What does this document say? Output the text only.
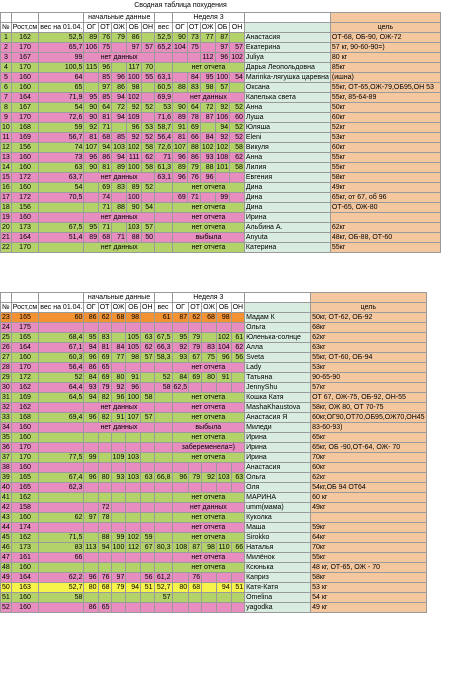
Сводная таблица похудения
			начальные данные						Неделя 3						
№	Рост,см	вес на 01.04.	ОГ	ОТ	ОЖ	ОБ	ОН	вес	ОГ	ОТ	ОЖ	ОБ	ОН		цель
1	162	52,5	89	76	79	86		52,5	90	73	77	87		Анастасия	ОТ-68, ОБ-90, ОЖ-72
2	170	65,7	106	75		97	57	65,2	104	75		97	57	Екатерина	57 кг, 90-60-90=)
3	167	99	нет данных								112	96	102	Juliya	80 кг
4	170	100,5	115	96		117	70		нет отчета					Дарья Леопольдовна	85кг
5	160	64		85	96	100	55	63,1		84	95	100	54	Marinka-лягушка царевна	(ишна)
6	160	65		97	86	98		60,5	88	83	98	57		Оксана	55кг, ОТ-65,ОЖ-79,ОБ95,ОН 53
7	164	71,9	95	85	94	102		69,9	нет данных					Капелька света	55кг, 85-64-89
8	167	54	90	64	72	92	52	53	90	64	72	92	52	Анна	50кг
9	170	72,6	90	81	94	109		71,6	89	78	87	106	60	Луша	60кг
10	168	59	92	71		96	53	58,7	91	69		94	52	Юляша	52кг
11	169	56,7	81	68	85	92	52	56,4	81	66	84	92	52	Eleni	53кг
12	156	74	107	94	103	102	58	72,6	107	88	102	102	58	Викуля	60кг
13	160	73	96	86	94	111	62	71	96	86	93	108	62	Анна	55кг
14	160	63	90	81	89	100	58	61,3	89	79	88	101	58	Лилия	55кг
15	172	63,7	нет данных					63,1	96	76	96			Евгения	58кг
16	160	54		69	83	89	52		нет отчета					Дина	49кг
17	172	70,5		74		100			69	71		99		Дина	65кг, от 67, об 96
18	156			71	88	90	54		нет отчета					Дина	ОТ-65, ОЖ-80
19	160		нет данных						нет отчета					Ирина	
20	173	67,5	95	71		103	57		нет отчета					Альбина А.	62кг
21	164	51,4	89	68	71	88	50		выбыла					Anyuta	48кг, ОБ-88, ОТ-60
22	170		нет данных						нет отчета					Катерина	55кг
			начальные данные						Неделя 3						
№	Рост,см	вес на 01.04.	ОГ	ОТ	ОЖ	ОБ	ОН	вес	ОГ	ОТ	ОЖ	ОБ	ОН		цель
23	165	60	86	62	68	98		61	87	62	68	98		Мадам К	50кг, ОТ-62, ОБ-92
24	175													Ольга	68кг
25	165	68,4	95	83		105	63	67,5	95	79		102	61	Юленька-солнце	62кг
26	164	67,1	94	81	84	105	62	66,3	92	79	83	104	62	Алла	63кг
27	160	60,3	96	69	77	98	57	58,3	93	67	75	96	56	Sveta	55кг, ОТ-60, ОБ-94
28	170	56,4	86	65					нет отчета					Lady	53кг
29	172	52	84	69	80	91		52	84	69	80	91		Татьяна	90-65-90
30	162	64,4	93	79	92	96		58	62,5					JennyShu	57кг
31	169	64,5	94	82	96	100	58		нет отчета					Кошка Катя	ОТ 67, ОЖ-75, ОБ-92, ОН-55
32	162		нет данных						нет отчета					MashaKhaustova	58кг, ОЖ 80, ОТ 70-75
33	168	69,4	96	82	91	107	57		нет отчета					Анастасия Я	60кг,ОГ90,ОТ70,ОБ95,ОЖ70,ОН45
34	160		нет данных						выбыла					Миледи	83-60-93)
35	160								нет отчета					Ирина	65кг
36	170								забеременела=)					Ирина	65кг, ОБ -90,ОТ-64, ОЖ- 70
37	170	77,5	99		109	103			нет отчета					Ирина	70кг
38	160													Анастасия	60кг
39	165	67,4	96	80	93	103	63	66,8	96	79	92	103	63	Ольга	62кг
40	165	62,3												Оля	54кг,ОБ 94 ОТ64
41	162								нет отчета					МАРИНА	60 кг
42	158			72					нет данных					umm(мама)	49кг
43	160	62	97	78					нет отчета					Куколка	
44	174								нет отчета					Маша	59кг
45	162	71,5		88	99	102	59		нет отчета					Sirokko	64кг
46	173	83	113	94	100	112	67	80,3	108	87	98	110	66	Наталья	70кг
47	161	66							нет отчета					Милёнок	55кг
48	160								нет отчета					Ксюнька	48 кг, ОТ-65, ОЖ - 70
49	164	62,2	96	76	97		56	61,2		76				Каприз	58кг
50	163	52,7	80	68	79	94	51	52,7	80	68		94	51	Катя-Катя	53 кг
51	160	58						57						Omelina	54 кг
52	160		86	65										yagodka	49 кг
